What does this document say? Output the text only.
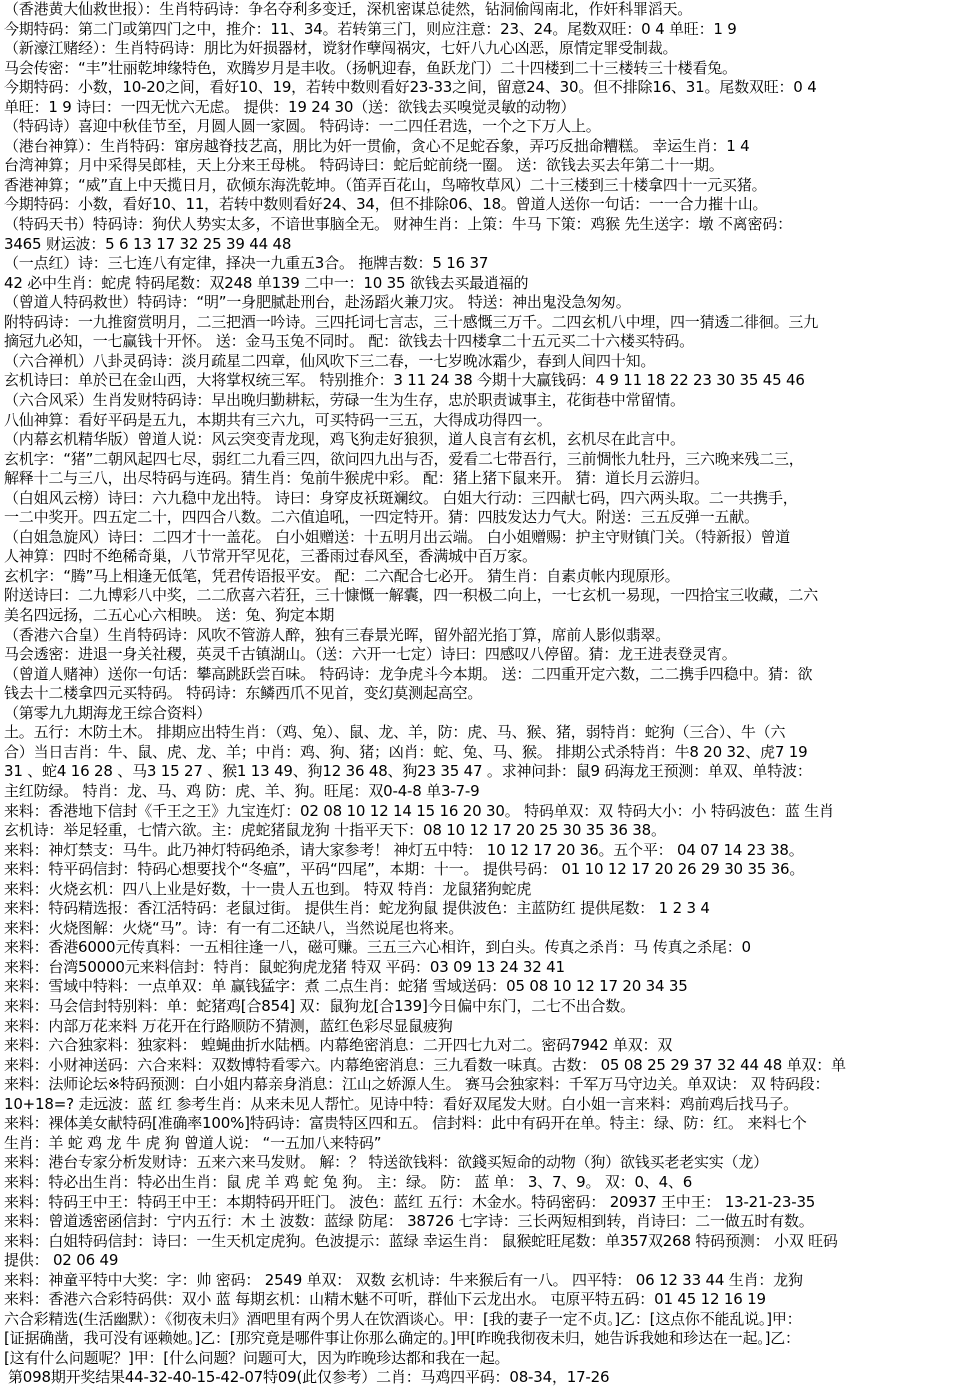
（香港黄大仙救世报）：生肖特码诗：争名夺利多变迁，深机密谋总徒然，钻洞偷闯南北，作奸科罪滔天。
今期特码：第二门或第四门之中，推介：11、34。若转第三门，则应注意：23、24。尾数双旺：0 4 单旺：1 9
（新濠江赌经）：生肖特码诗：朋比为奸损器材，谠豺作孽闯祸灾，七奸八九心凶恶，原情定罪受制裁。
马会传密：“丰”壮丽乾坤缘特色，欢腾岁月是丰收。（扬帆迎春，鱼跃龙门）二十四楼到二十三楼转三十楼看兔。
今期特码：小数，10-20之间，看好10、19，若转中数则看好23-33之间，留意24、30。但不排除16、31。尾数双旺：0 4
单旺：1 9 诗曰：一四无忧六无虑。 提供：19 24 30（送：欲钱去买嗅觉灵敏的动物）
（特码诗）喜迎中秋佳节至，月圆人圆一家圆。 特码诗：一二四任君选，一个之下万人上。
（港台神算）：生肖特码：窜房越脊技艺高，朋比为奸一贯偷，贪心不足蛇吞象，弄巧反拙命糟糕。 幸运生肖：1 4
台湾神算；月中采得吴郎桂，天上分来王母桃。 特码诗曰：蛇后蛇前绕一圈。 送：欲钱去买去年第二十一期。
香港神算；“威”直上中天揽日月，砍倾东海洗乾坤。（笛弄百花山，鸟啼牧草风）二十三楼到三十楼拿四十一元买猪。
今期特码：小数，看好10、11，若转中数则看好24、34，但不排除06、18。曾道人送你一句话：一一合力摧十山。
（特码天书）特码诗：狗伏人势实太多，不谙世事脑全无。 财神生肖：上策：牛马 下策：鸡猴 先生送字：墩 不离密码：
3465 财运波：5 6 13 17 32 25 39 44 48
（一点红）诗：三七连八有定律，择决一九重五3合。 拖牌吉数：5 16 37
42 必中生肖：蛇虎 特码尾数：双248 单139 二中一：10 35 欲钱去买最逍福的
（曾道人特码救世）特码诗：“明”一身肥腻赴刑台，赴汤蹈火兼刀灾。 特送：神出鬼没急匆匆。
附特码诗：一九推窗赏明月，二三把酒一吟诗。三四托词七言志，三十感慨三万千。二四玄机八中埋，四一猜透二徘徊。三九
摘冠九必知，一七赢钱十开怀。 送：金马玉兔不同时。 配：欲钱去十四楼拿二十五元买二十六楼买特码。
（六合禅机）八卦灵码诗：淡月疏星二四章，仙风吹下三二春，一七岁晚冰霜少，春到人间四十知。
玄机诗曰：单於已在金山西，大将掌权统三军。 特别推介：3 11 24 38 今期十大赢钱码：4 9 11 18 22 23 30 35 45 46
（六合风采）生肖发财特码诗：早出晚归勤耕耘，劳碌一生为生存，忠於职责诚事主，花街巷中常留情。
八仙神算：看好平码是五九，本期共有三六九，可买特码一三五，大得成功得四一。
（内幕玄机精华版）曾道人说：风云突变青龙现，鸡飞狗走好狼狈，道人良言有玄机，玄机尽在此言中。
玄机字：“猪”二朝风起四七尽，弱红二九看三四，欲问四九出与否，爱看二七带吾行，三前惆怅九牡丹，三六晚来残二三，
解释十二与三八，出尽特码与连码。猜生肖：兔前牛猴虎中彩。 配：猪上猪下鼠来开。 猜：道长月云游归。
（白姐风云榜）诗曰：六九稳中龙出特。 诗曰：身穿皮袄斑斓纹。 白姐大行动：三四献七码，四六两头取。二一共携手，
一二中奖开。四五定二十，四四合八数。二六值追吼，一四定特开。猜：四肢发达力气大。附送：三五反弹一五献。
（白姐急旋风）诗曰：二四才十一盖花。 白小姐赠送：十五明月出云端。 白小姐赠赐：护主守财镇门关。（特新报）曾道
人神算：四时不绝稀奇巢，八节常开罕见花，三番雨过春风至，香满城中百万家。
玄机字：“腾”马上相逢无低笔，凭君传语报平安。 配：二六配合七必开。 猜生肖：自素贞帐内现原形。
附送诗曰：二九博彩八中奖，二二欣喜六若狂，三十慷慨一解囊，四一积极二向上，一七玄机一易现，一四拾宝三收藏，二六
美名四远扬，二五心心六相映。 送：兔、狗定本期
（香港六合皇）生肖特码诗：风吹不管游人醉，独有三春景光晖，留外韶光掐丁算，席前人影似翡翠。
马会透密：进退一身关社稷，英灵千古镇湖山。（送：六开一七定）诗曰：四感叹八停留。猜：龙王进表登灵宵。
（曾道人赌神）送你一句话：攀高跳跃尝百味。 特码诗：龙争虎斗今本期。 送：二四重开定六数，二二携手四稳中。猜：欲
钱去十二楼拿四元买特码。 特码诗：东鳞西爪不见首，变幻莫测起高空。
（第零九九期海龙王综合资料）
土。五行：木防土木。 排期应出特生肖：（鸡、兔）、鼠、龙、羊，防：虎、马、猴、猪，弱特肖：蛇狗（三合）、牛（六
合）当日吉肖：牛、鼠、虎、龙、羊；中肖：鸡、狗、猪；凶肖：蛇、兔、马、猴。 排期公式杀特肖：牛8 20 32、虎7 19
31 、蛇4 16 28 、马3 15 27 、猴1 13 49、狗12 36 48、狗23 35 47 。求神问卦：鼠9 码海龙王预测：单双、单特波：
主红防绿。 特肖：龙、马、鸡 防：虎、羊、狗。旺尾：双0-4-8 单3-7-9
来料：香港地下信封《千王之王》九宝连灯：02 08 10 12 14 15 16 20 30。 特码单双：双 特码大小：小 特码波色：蓝 生肖
玄机诗：举足轻重，七情六欲。主：虎蛇猪鼠龙狗 十指平天下：08 10 12 17 20 25 30 35 36 38。
来料：神灯禁支：马牛。此乃神灯特码绝杀，请大家参考！ 神灯五中特： 10 12 17 20 36。五个平： 04 07 14 23 38。
来料：特平码信封：特码心想要找个“冬瘟”，平码“四尾”，本期：十一。 提供号码： 01 10 12 17 20 26 29 30 35 36。
来料：火烧玄机：四八上业是好数，十一贵人五也到。 特双 特肖：龙鼠猪狗蛇虎
来料：特码精选报：香江活特码：老鼠过街。 提供生肖：蛇龙狗鼠 提供波色：主蓝防红 提供尾数： 1 2 3 4
来料：火烧图解：火烧“马”。诗：有一有二还缺八，当然说尾也将来。
来料：香港6000元传真料：一五相往逢一八，磁可赚。三五三六心相许，到白头。传真之杀肖：马 传真之杀尾：0
来料：台湾50000元来料信封：特肖：鼠蛇狗虎龙猪 特双 平码：03 09 13 24 32 41
来料：雪域中特料：一点单双：单 赢钱猛字：煮 二点生肖：蛇猪 雪域送码：05 08 10 12 17 20 34 35
来料：马会信封特别料：单：蛇猪鸡[合854] 双：鼠狗龙[合139]今日偏中东门，二七不出合数。
来料：内部万花来料 万花开在行路顺防不猜测，蓝红色彩尽显鼠疲狗
来料：六合独家料：独家料： 蝗蝇曲折水陆栖。内幕绝密消息：二开四七九对二。密码7942 单双：双
来料：小财神送码：六合来料：双数博特看零六。内幕绝密消息：三九看数一味真。古数： 05 08 25 29 37 32 44 48 单双：单
来料：法师论坛※特码预测：白小姐内幕亲身消息：江山之娇源人生。 赛马会独家料：千军万马守边关。单双诀： 双 特码段：
10+18=? 走远波：蓝 红 参考生肖：从来未见人帮忙。见诗中特：看好双尾发大财。白小姐一言来料：鸡前鸡后找马子。
来料：裸体美女献特码[准确率100%]特码诗：富贵特区四和五。 信封料：此中有码开在单。特主：绿、防：红。 来料七个
生肖：羊 蛇 鸡 龙 牛 虎 狗 曾道人说： “一五加八来特码”
来料：港台专家分析发财诗：五来六来马发财。 解：？ 特送欲钱料：欲錢买短命的动物（狗）欲钱买老老实实（龙）
来料：特必出生肖：特必出生肖：鼠 虎 羊 鸡 蛇 兔 狗。 主：绿。 防： 蓝 单： 3、7、9。 双：0、4、6
来料：特码王中王：特码王中王：本期特码开旺门。 波色：蓝红 五行：木金水。特码密码： 20937 王中王： 13-21-23-35
来料：曾道透密函信封：宁内五行：木 土 波数：蓝绿 防尾： 38726 七字诗：三长两短相到转，肖诗曰：二一做五时有数。
来料：白姐特码信封：诗曰：一生天机定虎狗。色波提示：蓝绿 幸运生肖： 鼠猴蛇旺尾数：单357双268 特码预测： 小双 旺码
提供： 02 06 49
来料：神童平特中大奖：字：帅 密码： 2549 单双： 双数 玄机诗：牛来猴后有一八。 四平特： 06 12 33 44 生肖：龙狗
来料：香港六合彩特码供：双小 蓝 每期玄机：山精木魅不可听，群仙下云龙出水。 屯原平特五码：01 45 12 16 19
六合彩精选(生活幽默）：《彻夜未归》酒吧里有两个男人在饮酒谈心。甲：[我的妻子一定不贞。]乙：[这点你不能乱说。]甲：
[证据确凿，我可没有诬赖她。]乙：[那究竟是哪件事让你那么确定的。]甲[昨晚我彻夜未归，她告诉我她和珍达在一起。]乙：
[这有什么问题呢？]甲：[什么问题？问题可大，因为昨晚珍达都和我在一起。
第098期开奖结果44-32-40-15-42-07特09(此仅参考）二肖：马鸡四平码：08-34，17-26
